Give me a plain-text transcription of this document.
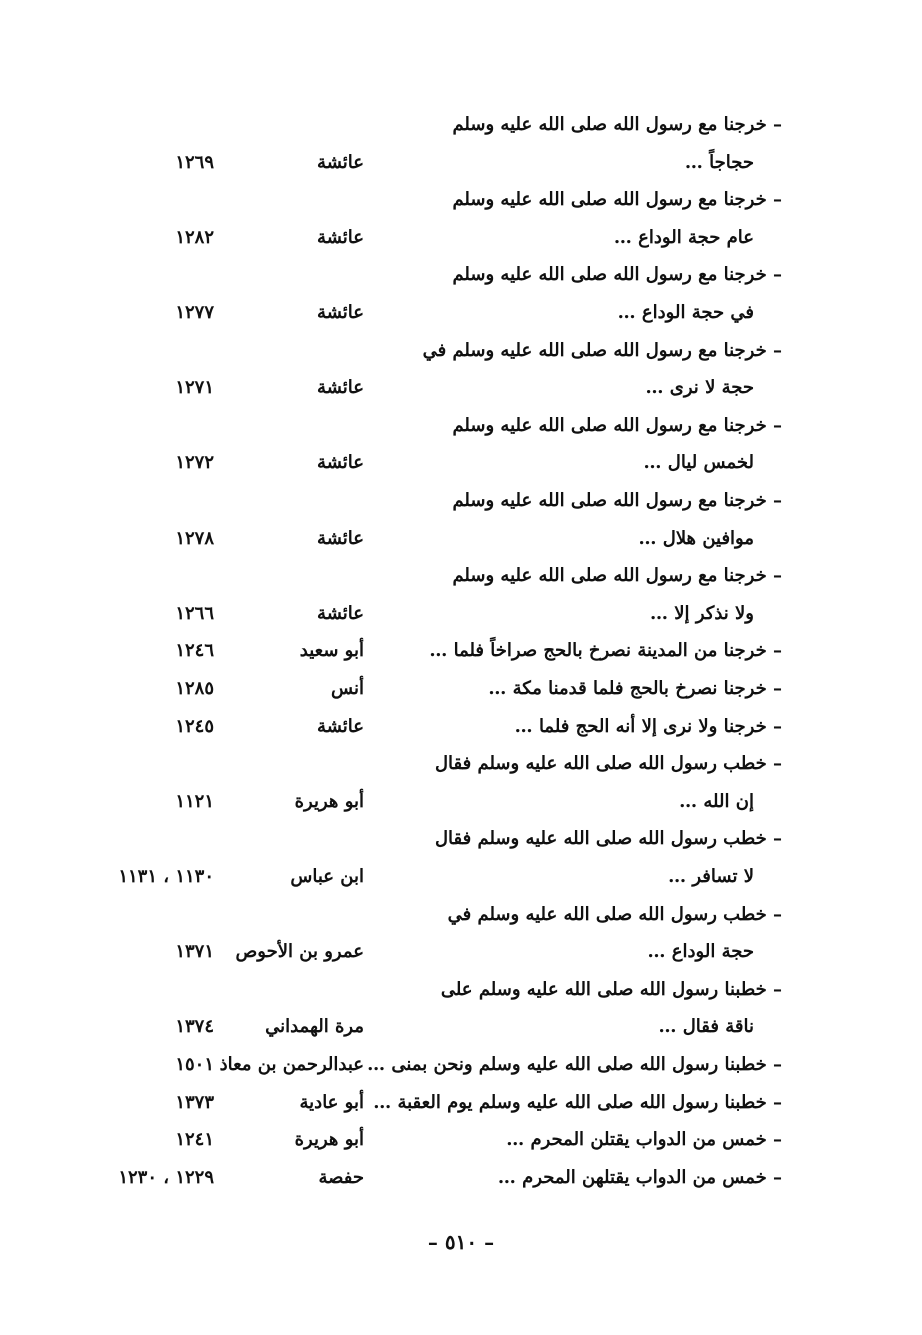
– خرجنا مع رسول الله صلى الله عليه وسلم
حجاجاً …
عائشة
١٢٦٩
– خرجنا مع رسول الله صلى الله عليه وسلم
عام حجة الوداع …
عائشة
١٢٨٢
– خرجنا مع رسول الله صلى الله عليه وسلم
في حجة الوداع …
عائشة
١٢٧٧
– خرجنا مع رسول الله صلى الله عليه وسلم في
حجة لا نرى …
عائشة
١٢٧١
– خرجنا مع رسول الله صلى الله عليه وسلم
لخمس ليال …
عائشة
١٢٧٢
– خرجنا مع رسول الله صلى الله عليه وسلم
موافين هلال …
عائشة
١٢٧٨
– خرجنا مع رسول الله صلى الله عليه وسلم
ولا نذكر إلا …
عائشة
١٢٦٦
– خرجنا من المدينة نصرخ بالحج صراخاً فلما …
أبو سعيد
١٢٤٦
– خرجنا نصرخ بالحج فلما قدمنا مكة …
أنس
١٢٨٥
– خرجنا ولا نرى إلا أنه الحج فلما …
عائشة
١٢٤٥
– خطب رسول الله صلى الله عليه وسلم فقال
إن الله …
أبو هريرة
١١٢١
– خطب رسول الله صلى الله عليه وسلم فقال
لا تسافر …
ابن عباس
١١٣٠ ، ١١٣١
– خطب رسول الله صلى الله عليه وسلم في
حجة الوداع …
عمرو بن الأحوص
١٣٧١
– خطبنا رسول الله صلى الله عليه وسلم على
ناقة فقال …
مرة الهمداني
١٣٧٤
– خطبنا رسول الله صلى الله عليه وسلم ونحن بمنى …
عبدالرحمن بن معاذ
١٥٠١
– خطبنا رسول الله صلى الله عليه وسلم يوم العقبة …
أبو عادية
١٣٧٣
– خمس من الدواب يقتلن المحرم …
أبو هريرة
١٢٤١
– خمس من الدواب يقتلهن المحرم …
حفصة
١٢٢٩ ، ١٢٣٠
– ٥١٠ –
